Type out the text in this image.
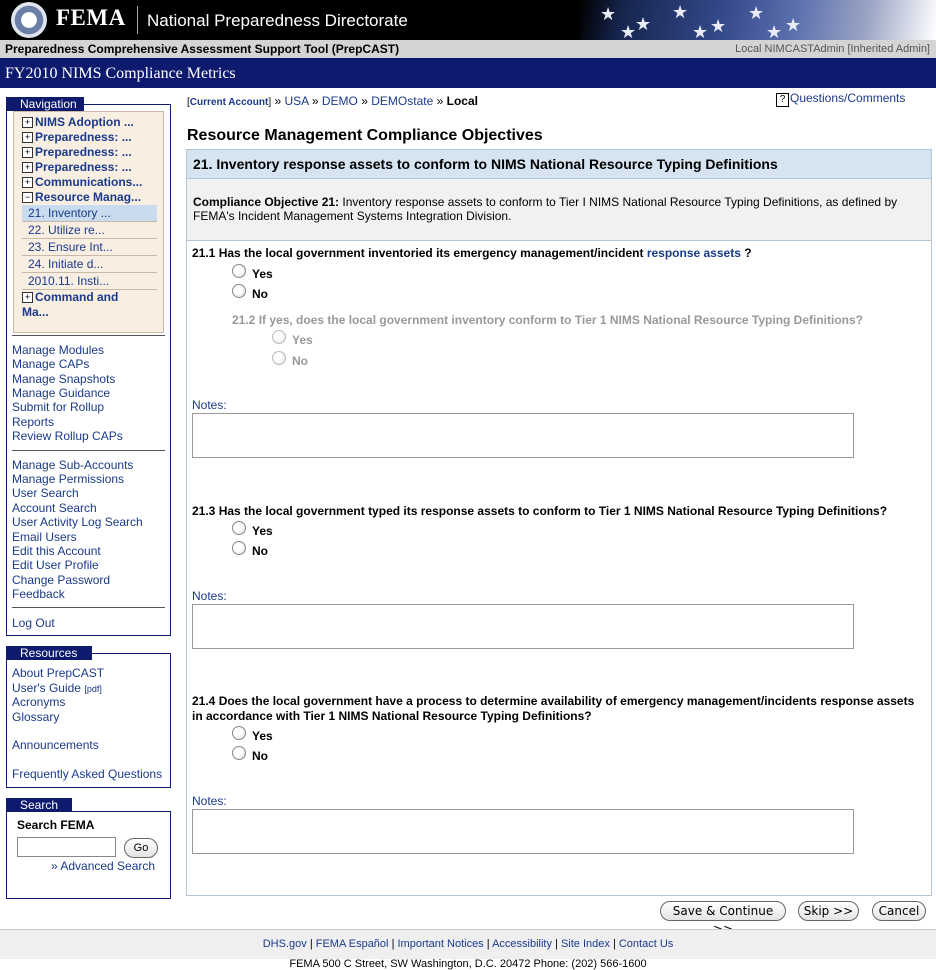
FEMA National Preparedness Directorate	★ ★
★
★
★
★
★	★	★
Preparedness Comprehensive Assessment Support Tool (PrepCAST)	Local NIMCASTAdmin [Inherited Admin]
FY2010 NIMS Compliance Metrics
+ NIMS Adoption ...
+ Preparedness: ...
+ Preparedness: ...
+ Preparedness: ...
+ Communications...
− Resource Manag...
21. Inventory ...
22. Utilize re...
23. Ensure Int...
24. Initiate d...
2010.11. Insti...
+ Command and
Ma...
Manage Modules
Manage CAPs
Manage Snapshots
Manage Guidance
Submit for Rollup
Reports
Review Rollup CAPs
Manage Sub-Accounts
Manage Permissions
User Search
Account Search
User Activity Log Search
Email Users
Edit this Account
Edit User Profile
Change Password
Feedback
Log Out
Navigation
About PrepCAST
User's Guide [pdf]
Acronyms
Glossary
Announcements
Frequently Asked Questions
Resources
Search FEMA
Go
» Advanced Search
Search
[Current Account] » USA » DEMO » DEMOstate » Local	? Questions/Comments
Resource Management Compliance Objectives
21. Inventory response assets to conform to NIMS National Resource Typing Definitions
Compliance Objective 21: Inventory response assets to conform to Tier I NIMS National Resource Typing Definitions, as defined by FEMA's Incident Management Systems Integration Division.
21.1 Has the local government inventoried its emergency management/incident response assets ?
Yes
No
21.2 If yes, does the local government inventory conform to Tier 1 NIMS National Resource Typing Definitions?
Yes
No
Notes:
21.3 Has the local government typed its response assets to conform to Tier 1 NIMS National Resource Typing Definitions?
Yes
No
Notes:
21.4 Does the local government have a process to determine availability of emergency management/incidents response assets
in accordance with Tier 1 NIMS National Resource Typing Definitions?
Yes
No
Notes:
Save & Continue	Skip >>	Cancel
DHS.gov | FEMA Español | Important Notices | Accessibility | Site Index | Contact Us
FEMA 500 C Street, SW Washington, D.C. 20472 Phone: (202) 566-1600
